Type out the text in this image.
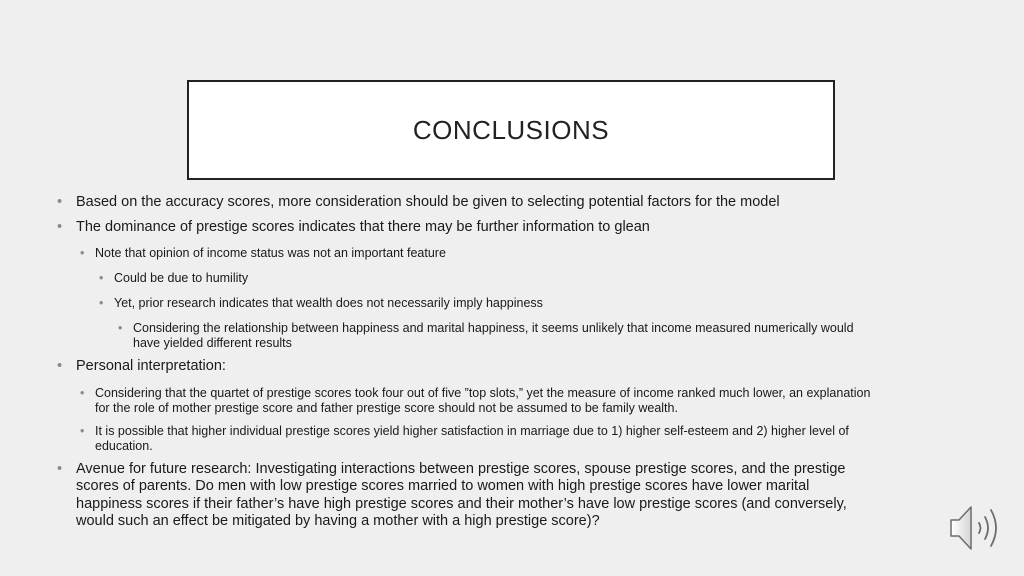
CONCLUSIONS
• Based on the accuracy scores, more consideration should be given to selecting potential factors for the model
• The dominance of prestige scores indicates that there may be further information to glean
• Note that opinion of income status was not an important feature
• Could be due to humility
• Yet, prior research indicates that wealth does not necessarily imply happiness
• Considering the relationship between happiness and marital happiness, it seems unlikely that income measured numerically would have yielded different results
• Personal interpretation:
• Considering that the quartet of prestige scores took four out of five ”top slots,” yet the measure of income ranked much lower, an explanation for the role of mother prestige score and father prestige score should not be assumed to be family wealth.
• It is possible that higher individual prestige scores yield higher satisfaction in marriage due to 1) higher self-esteem and 2) higher level of education.
• Avenue for future research: Investigating interactions between prestige scores, spouse prestige scores, and the prestige scores of parents. Do men with low prestige scores married to women with high prestige scores have lower marital happiness scores if their father’s have high prestige scores and their mother’s have low prestige scores (and conversely, would such an effect be mitigated by having a mother with a high prestige score)?
